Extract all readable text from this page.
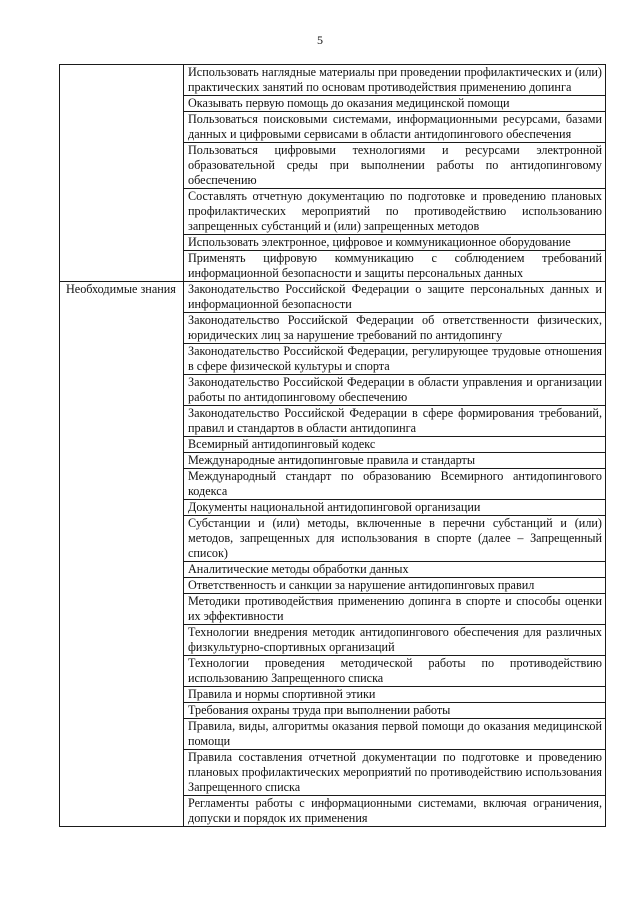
5
	Использовать наглядные материалы при проведении профилактических и (или) практических занятий по основам противодействия применению допинга
	Оказывать первую помощь до оказания медицинской помощи
	Пользоваться поисковыми системами, информационными ресурсами, базами данных и цифровыми сервисами в области антидопингового обеспечения
	Пользоваться цифровыми технологиями и ресурсами электронной образовательной среды при выполнении работы по антидопинговому обеспечению
	Составлять отчетную документацию по подготовке и проведению плановых профилактических мероприятий по противодействию использованию запрещенных субстанций и (или) запрещенных методов
	Использовать электронное, цифровое и коммуникационное оборудование
	Применять цифровую коммуникацию с соблюдением требований информационной безопасности и защиты персональных данных
Необходимые знания	Законодательство Российской Федерации о защите персональных данных и информационной безопасности
	Законодательство Российской Федерации об ответственности физических, юридических лиц за нарушение требований по антидопингу
	Законодательство Российской Федерации, регулирующее трудовые отношения в сфере физической культуры и спорта
	Законодательство Российской Федерации в области управления и организации работы по антидопинговому обеспечению
	Законодательство Российской Федерации в сфере формирования требований, правил и стандартов в области антидопинга
	Всемирный антидопинговый кодекс
	Международные антидопинговые правила и стандарты
	Международный стандарт по образованию Всемирного антидопингового кодекса
	Документы национальной антидопинговой организации
	Субстанции и (или) методы, включенные в перечни субстанций и (или) методов, запрещенных для использования в спорте (далее – Запрещенный список)
	Аналитические методы обработки данных
	Ответственность и санкции за нарушение антидопинговых правил
	Методики противодействия применению допинга в спорте и способы оценки их эффективности
	Технологии внедрения методик антидопингового обеспечения для различных физкультурно-спортивных организаций
	Технологии проведения методической работы по противодействию использованию Запрещенного списка
	Правила и нормы спортивной этики
	Требования охраны труда при выполнении работы
	Правила, виды, алгоритмы оказания первой помощи до оказания медицинской помощи
	Правила составления отчетной документации по подготовке и проведению плановых профилактических мероприятий по противодействию использования Запрещенного списка
	Регламенты работы с информационными системами, включая ограничения, допуски и порядок их применения
